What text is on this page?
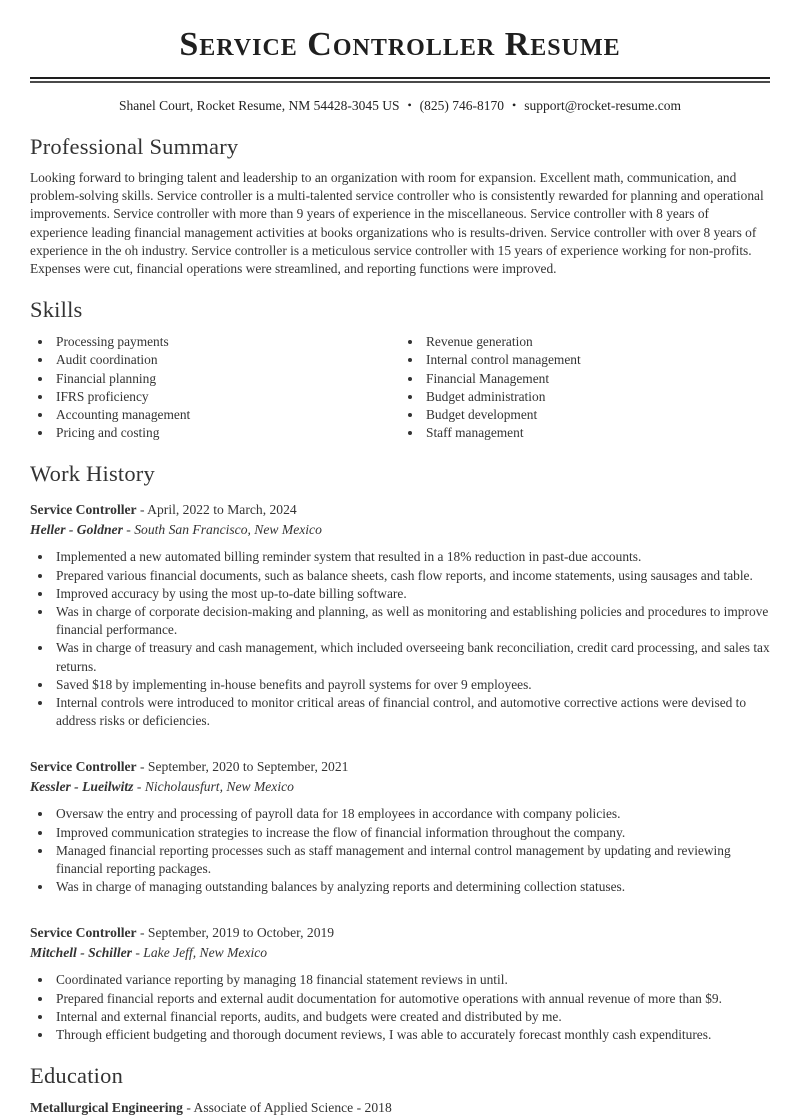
Service Controller Resume

Shanel Court, Rocket Resume, NM 54428-3045 US • (825) 746-8170 • support@rocket-resume.com

Professional Summary

Looking forward to bringing talent and leadership to an organization with room for expansion. Excellent math, communication, and problem-solving skills. Service controller is a multi-talented service controller who is consistently rewarded for planning and operational improvements. Service controller with more than 9 years of experience in the miscellaneous. Service controller with 8 years of experience leading financial management activities at books organizations who is results-driven. Service controller with over 8 years of experience in the oh industry. Service controller is a meticulous service controller with 15 years of experience working for non-profits. Expenses were cut, financial operations were streamlined, and reporting functions were improved.

Skills
• Processing payments
• Audit coordination
• Financial planning
• IFRS proficiency
• Accounting management
• Pricing and costing
• Revenue generation
• Internal control management
• Financial Management
• Budget administration
• Budget development
• Staff management
Work History

Service Controller - April, 2022 to March, 2024

Heller - Goldner - South San Francisco, New Mexico

• Implemented a new automated billing reminder system that resulted in a 18% reduction in past-due accounts.
• Prepared various financial documents, such as balance sheets, cash flow reports, and income statements, using sausages and table.
• Improved accuracy by using the most up-to-date billing software.
• Was in charge of corporate decision-making and planning, as well as monitoring and establishing policies and procedures to improve financial performance.
• Was in charge of treasury and cash management, which included overseeing bank reconciliation, credit card processing, and sales tax returns.
• Saved $18 by implementing in-house benefits and payroll systems for over 9 employees.
• Internal controls were introduced to monitor critical areas of financial control, and automotive corrective actions were devised to address risks or deficiencies.

Service Controller - September, 2020 to September, 2021

Kessler - Lueilwitz - Nicholausfurt, New Mexico

• Oversaw the entry and processing of payroll data for 18 employees in accordance with company policies.
• Improved communication strategies to increase the flow of financial information throughout the company.
• Managed financial reporting processes such as staff management and internal control management by updating and reviewing financial reporting packages.
• Was in charge of managing outstanding balances by analyzing reports and determining collection statuses.

Service Controller - September, 2019 to October, 2019

Mitchell - Schiller - Lake Jeff, New Mexico

• Coordinated variance reporting by managing 18 financial statement reviews in until.
• Prepared financial reports and external audit documentation for automotive operations with annual revenue of more than $9.
• Internal and external financial reports, audits, and budgets were created and distributed by me.
• Through efficient budgeting and thorough document reviews, I was able to accurately forecast monthly cash expenditures.
Education

Metallurgical Engineering - Associate of Applied Science - 2018
